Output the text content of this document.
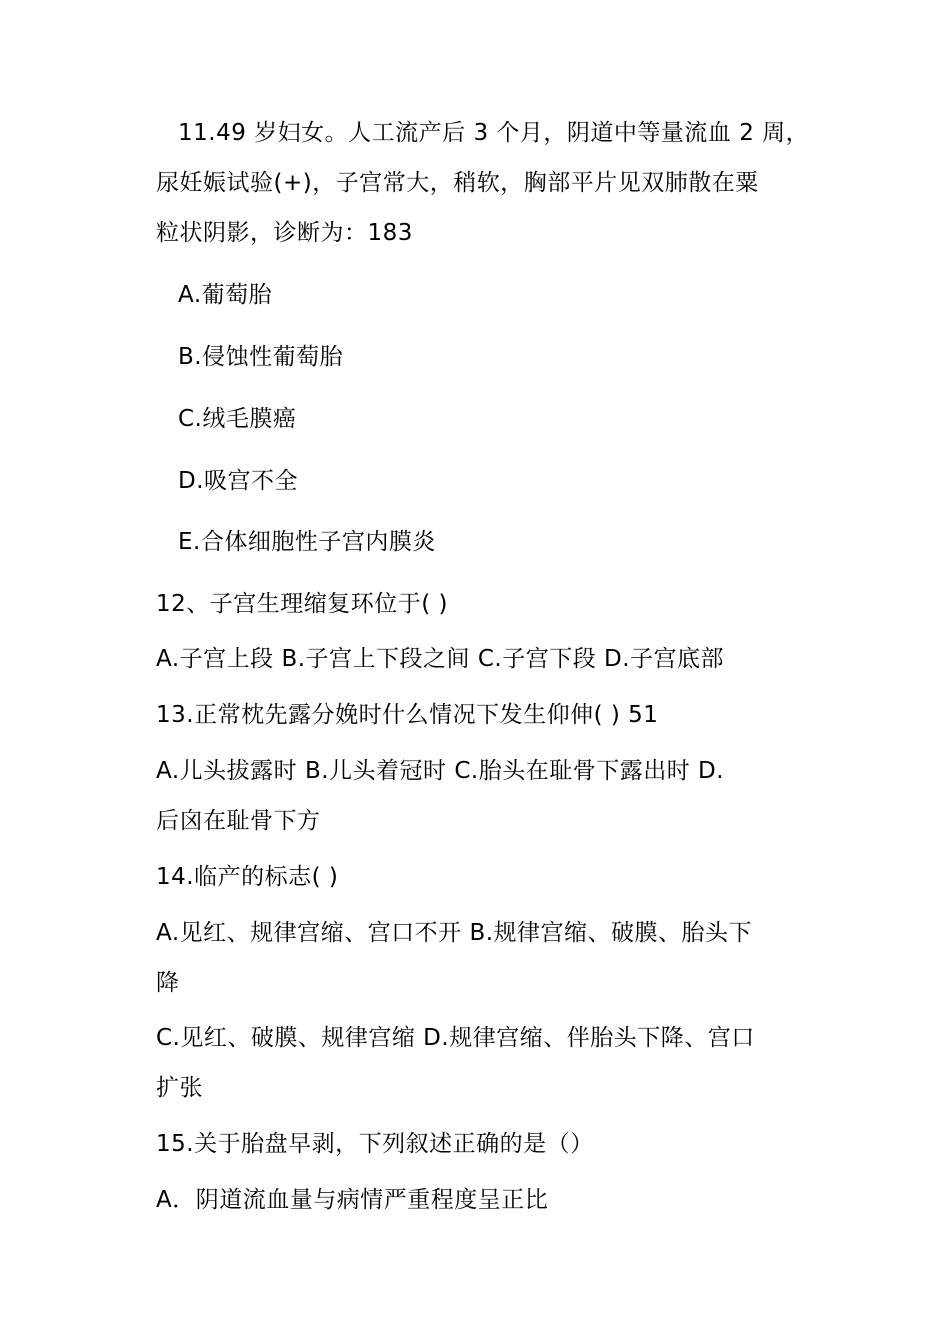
11.49 岁妇女。人工流产后 3 个月，阴道中等量流血 2 周，
尿妊娠试验(+)，子宫常大，稍软，胸部平片见双肺散在粟
粒状阴影，诊断为：183
A.葡萄胎
B.侵蚀性葡萄胎
C.绒毛膜癌
D.吸宫不全
E.合体细胞性子宫内膜炎
12、子宫生理缩复环位于( )
A.子宫上段 B.子宫上下段之间 C.子宫下段 D.子宫底部
13.正常枕先露分娩时什么情况下发生仰伸( ) 51
A.儿头拔露时 B.儿头着冠时 C.胎头在耻骨下露出时 D.
后囟在耻骨下方
14.临产的标志( )
A.见红、规律宫缩、宫口不开 B.规律宫缩、破膜、胎头下
降
C.见红、破膜、规律宫缩 D.规律宫缩、伴胎头下降、宫口
扩张
15.关于胎盘早剥，下列叙述正确的是（）
A．阴道流血量与病情严重程度呈正比
